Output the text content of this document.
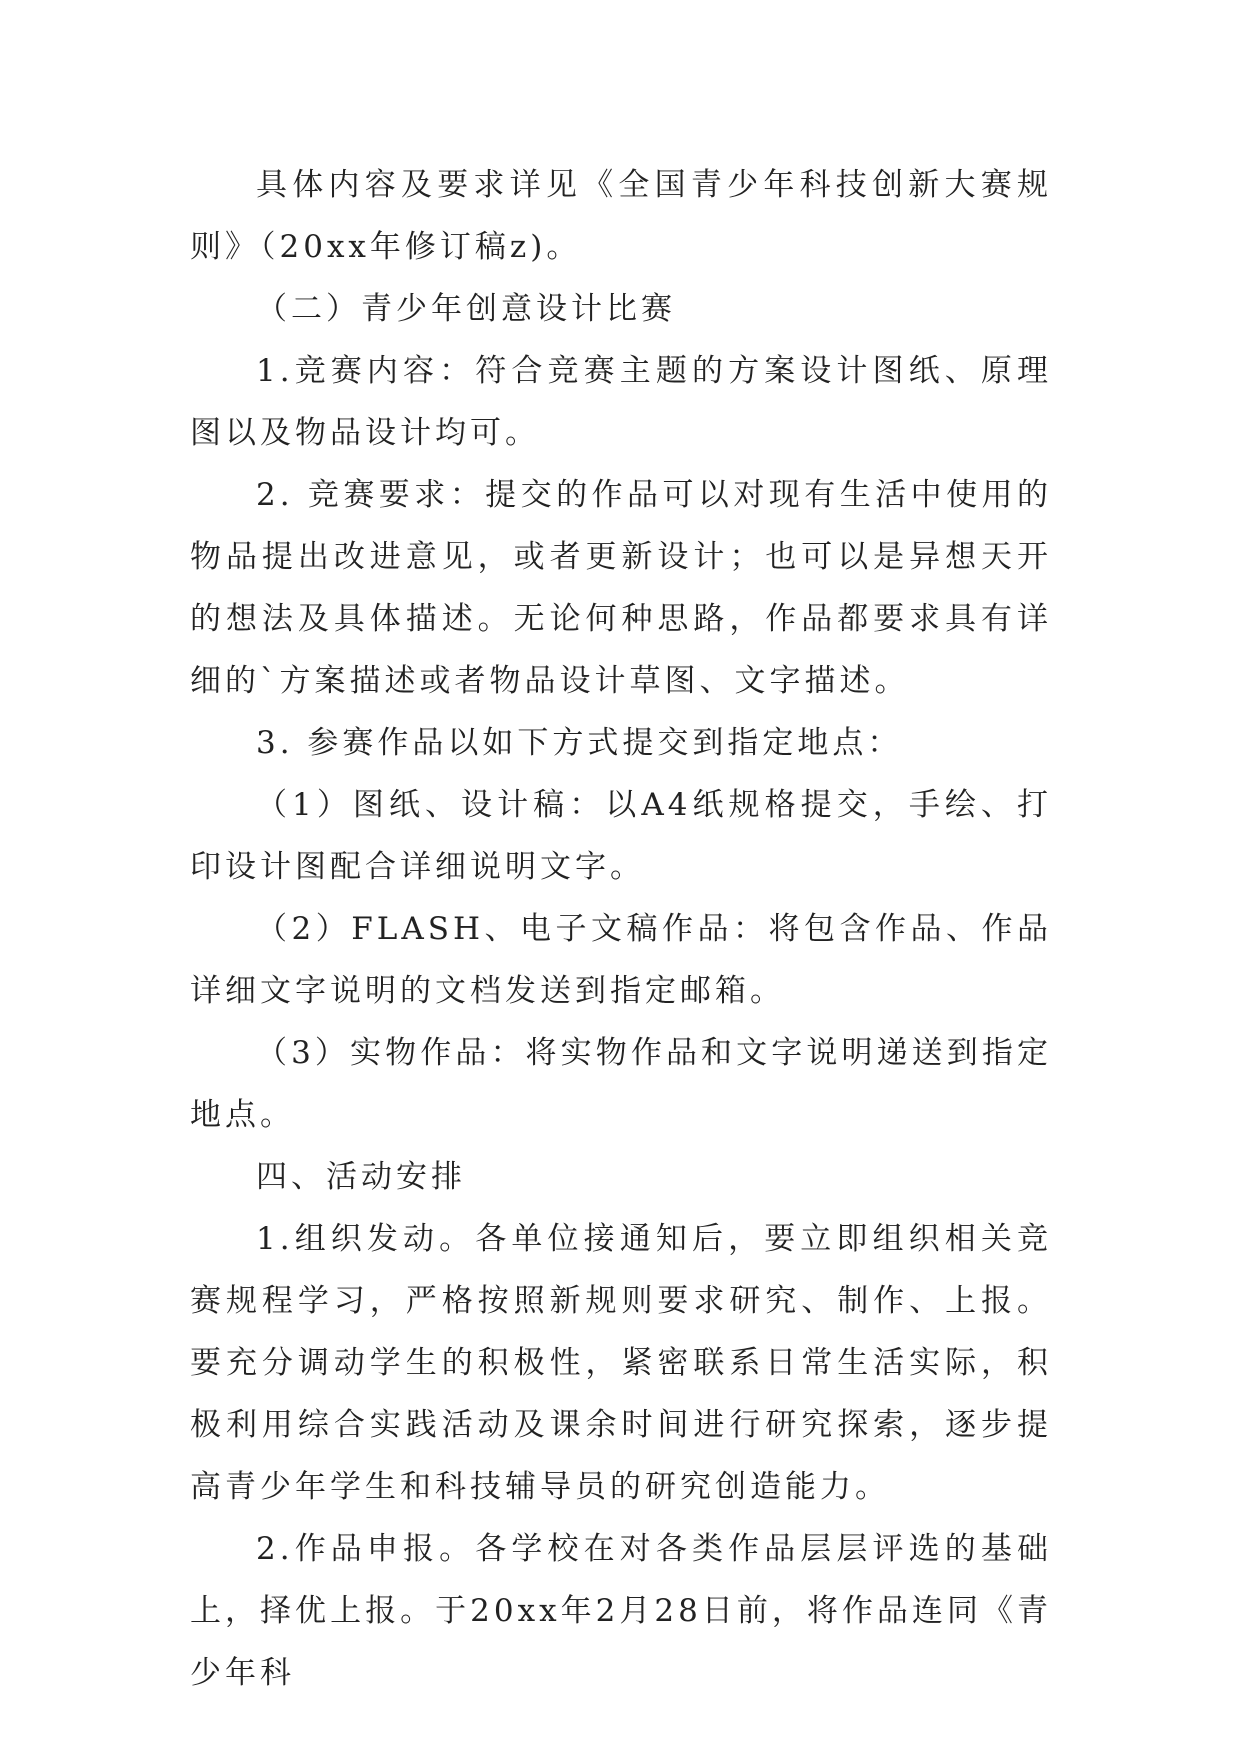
具体内容及要求详见《全国青少年科技创新大赛规则》（20xx年修订稿z)。

（二）青少年创意设计比赛

1.竞赛内容：符合竞赛主题的方案设计图纸、原理图以及物品设计均可。

2. 竞赛要求：提交的作品可以对现有生活中使用的物品提出改进意见，或者更新设计；也可以是异想天开的想法及具体描述。无论何种思路，作品都要求具有详细的`方案描述或者物品设计草图、文字描述。

3. 参赛作品以如下方式提交到指定地点：

（1）图纸、设计稿：以A4纸规格提交，手绘、打印设计图配合详细说明文字。

（2）FLASH、电子文稿作品：将包含作品、作品详细文字说明的文档发送到指定邮箱。

（3）实物作品：将实物作品和文字说明递送到指定地点。

四、活动安排

1.组织发动。各单位接通知后，要立即组织相关竞赛规程学习，严格按照新规则要求研究、制作、上报。要充分调动学生的积极性，紧密联系日常生活实际，积极利用综合实践活动及课余时间进行研究探索，逐步提高青少年学生和科技辅导员的研究创造能力。

2.作品申报。各学校在对各类作品层层评选的基础上，择优上报。于20xx年2月28日前，将作品连同《青少年科
